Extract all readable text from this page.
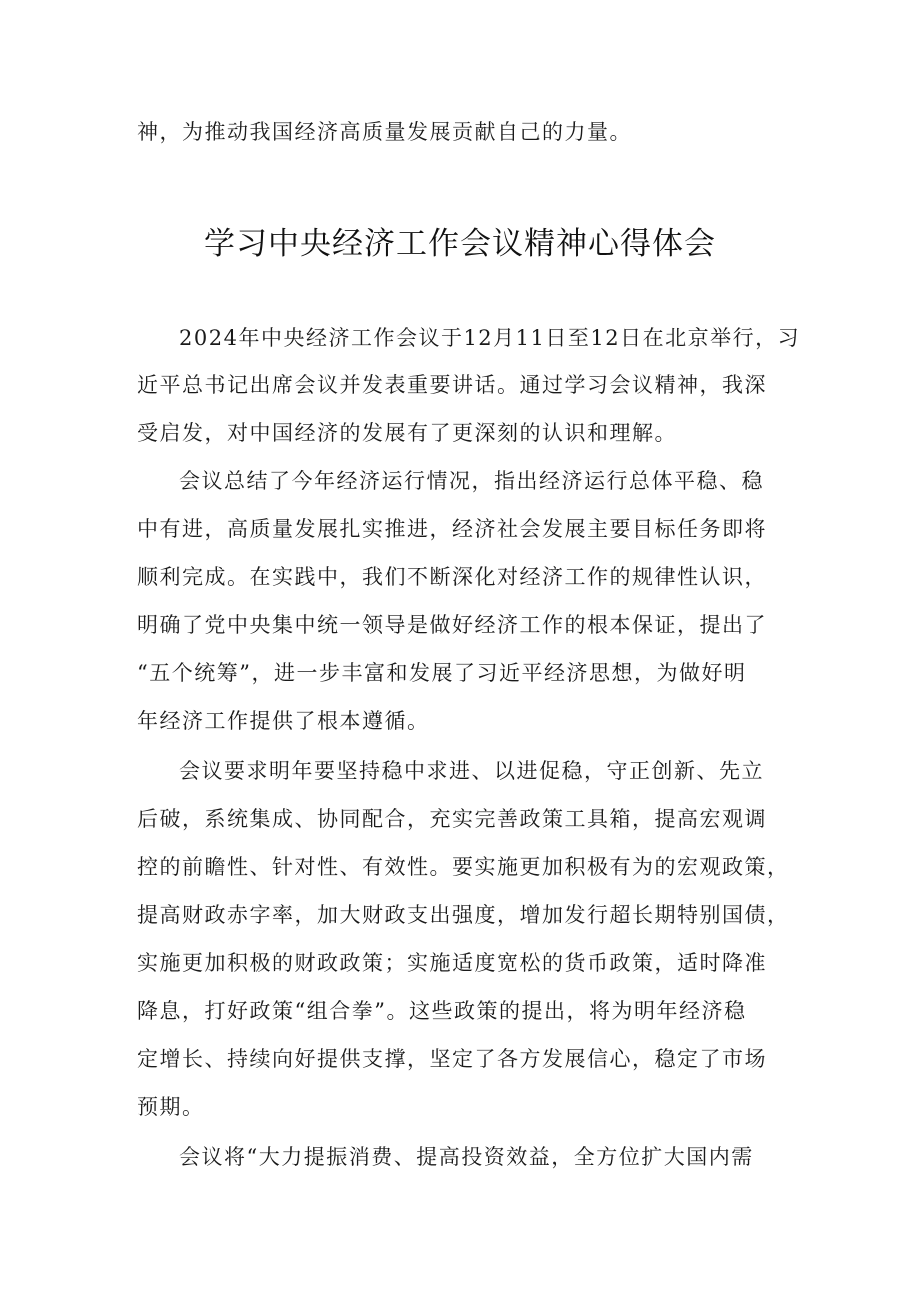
神，为推动我国经济高质量发展贡献自己的力量。
学习中央经济工作会议精神心得体会
2024年中央经济工作会议于12月11日至12日在北京举行，习
近平总书记出席会议并发表重要讲话。通过学习会议精神，我深
受启发，对中国经济的发展有了更深刻的认识和理解。
会议总结了今年经济运行情况，指出经济运行总体平稳、稳
中有进，高质量发展扎实推进，经济社会发展主要目标任务即将
顺利完成。在实践中，我们不断深化对经济工作的规律性认识，
明确了党中央集中统一领导是做好经济工作的根本保证，提出了
“五个统筹”，进一步丰富和发展了习近平经济思想，为做好明
年经济工作提供了根本遵循。
会议要求明年要坚持稳中求进、以进促稳，守正创新、先立
后破，系统集成、协同配合，充实完善政策工具箱，提高宏观调
控的前瞻性、针对性、有效性。要实施更加积极有为的宏观政策，
提高财政赤字率，加大财政支出强度，增加发行超长期特别国债，
实施更加积极的财政政策；实施适度宽松的货币政策，适时降准
降息，打好政策“组合拳”。这些政策的提出，将为明年经济稳
定增长、持续向好提供支撑，坚定了各方发展信心，稳定了市场
预期。
会议将“大力提振消费、提高投资效益，全方位扩大国内需
